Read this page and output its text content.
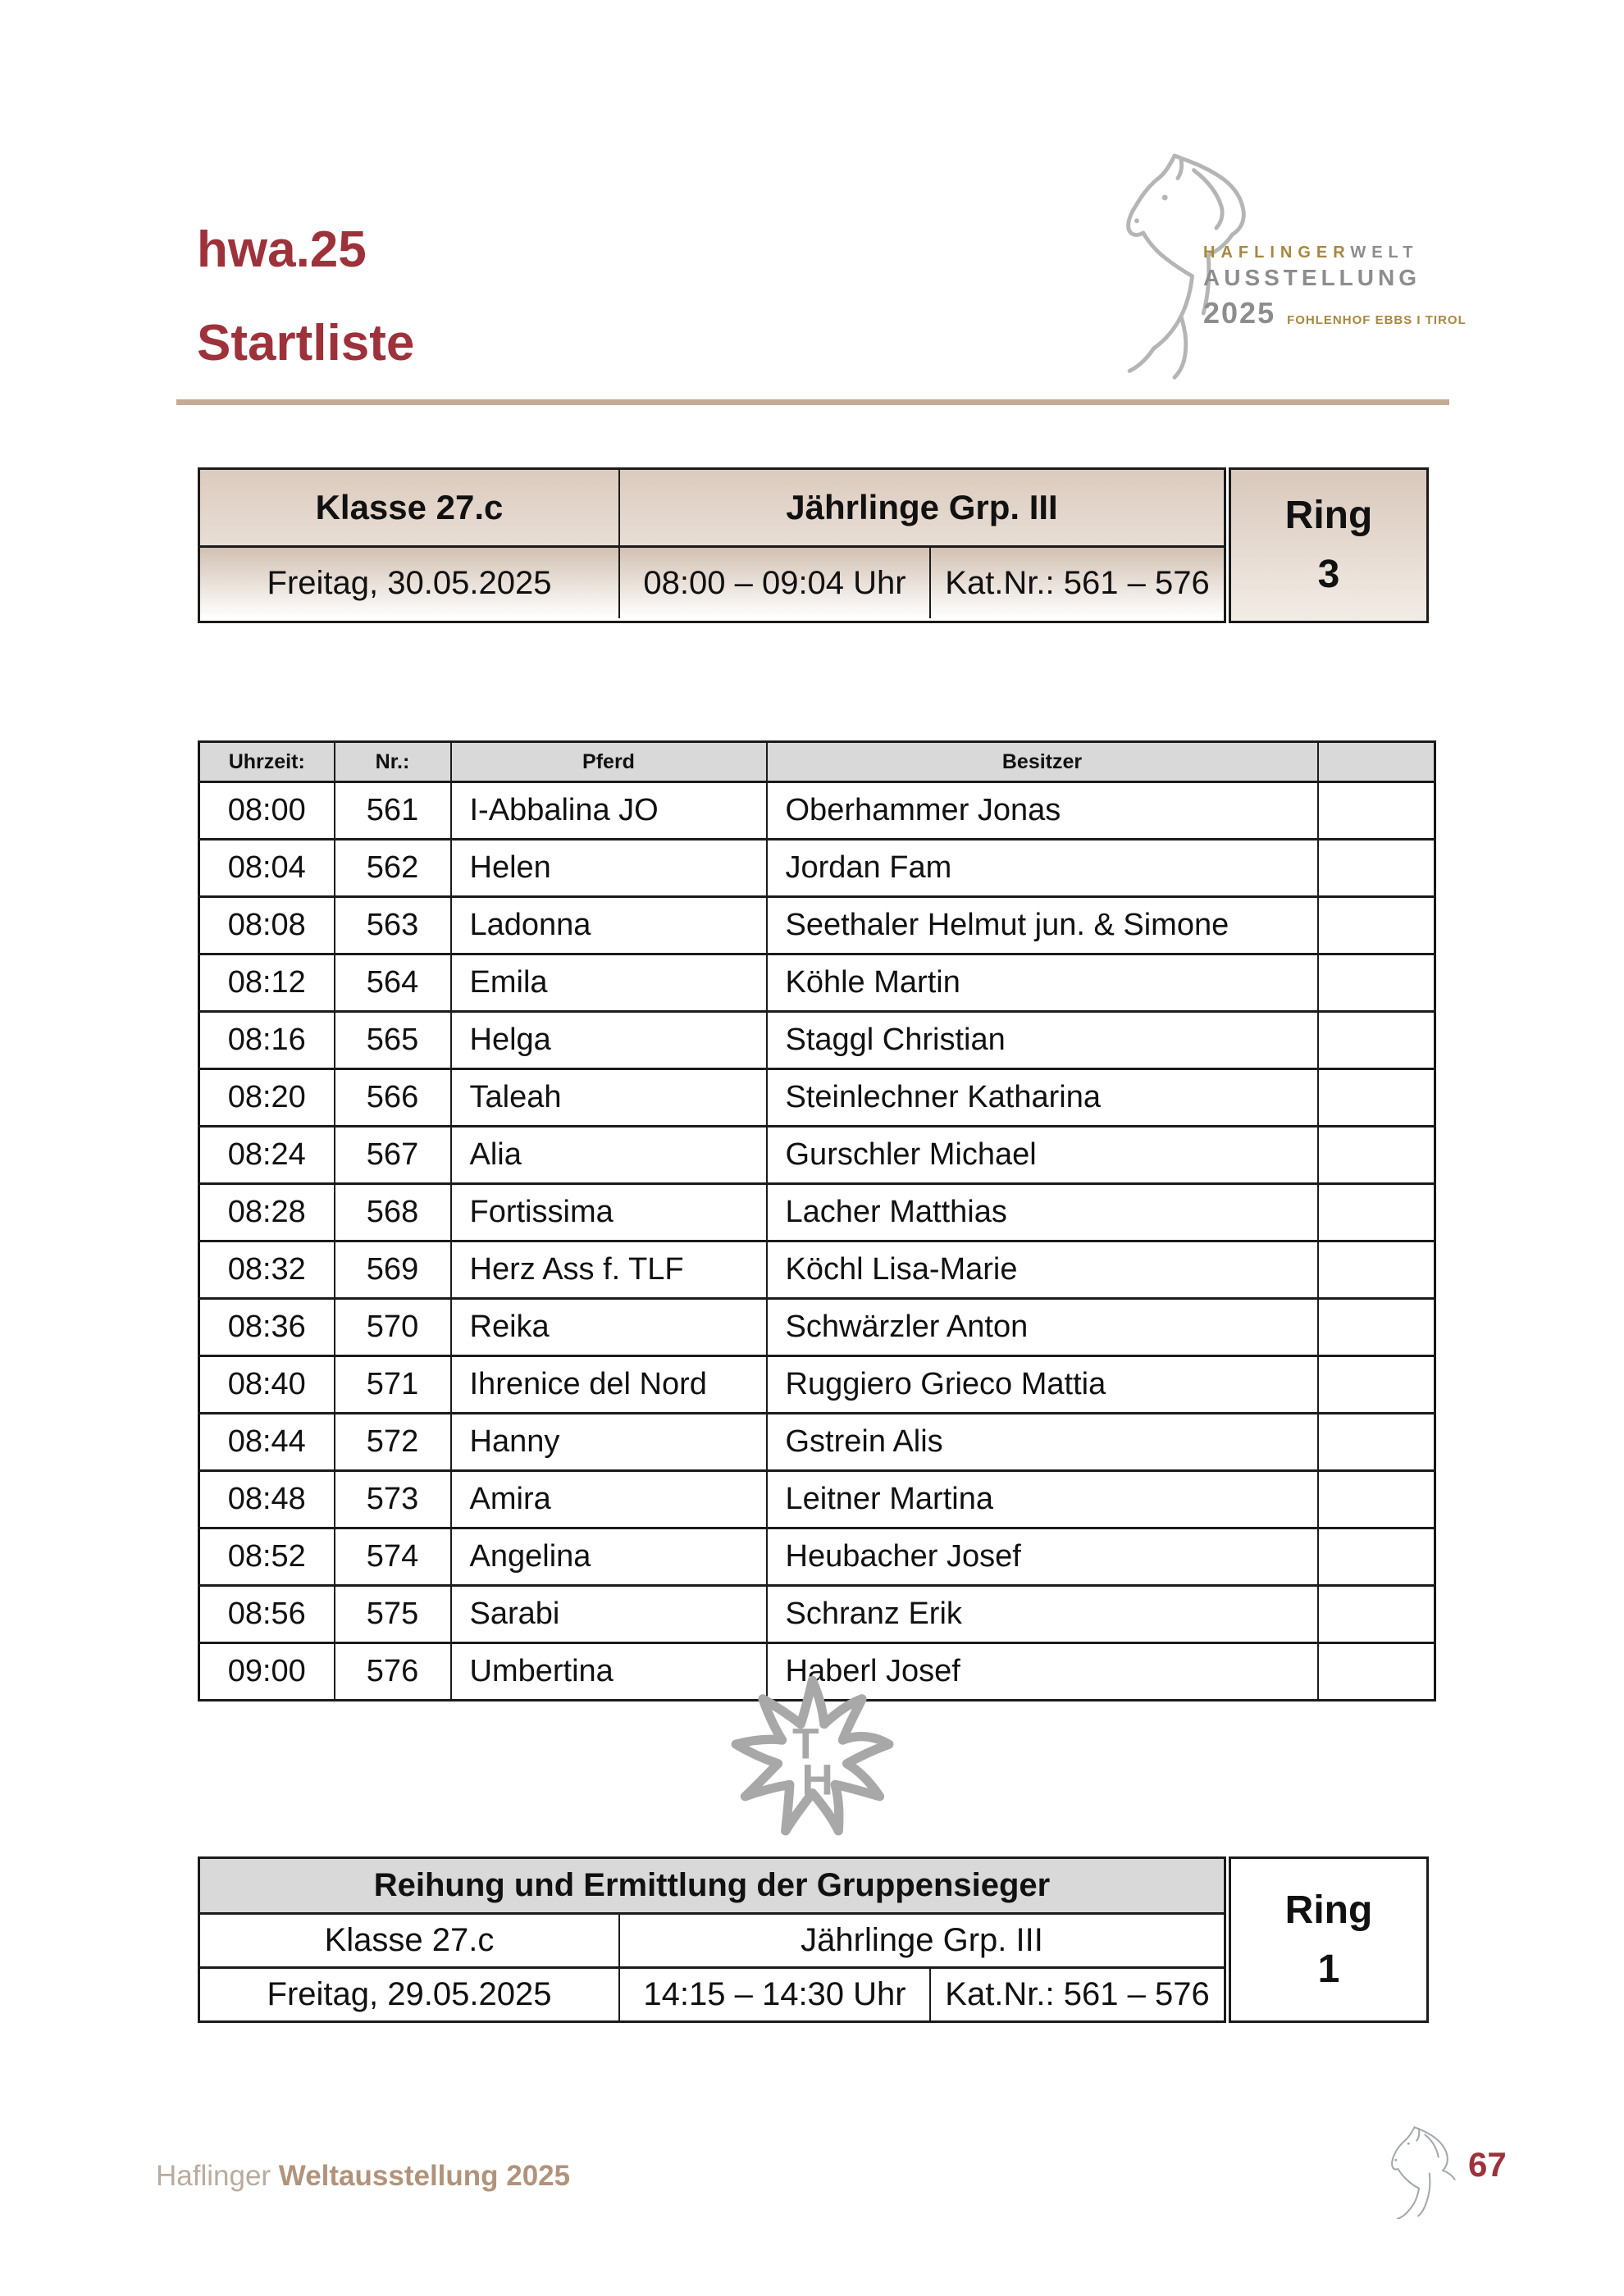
hwa.25
Startliste
HAFLINGERWELT
AUSSTELLUNG
2025 FOHLENHOF EBBS I TIROL
Klasse 27.c	Jährlinge Grp. III
Freitag, 30.05.2025	08:00 – 09:04 Uhr	Kat.Nr.: 561 – 576
Ring
3
Uhrzeit:	Nr.:	Pferd	Besitzer	
08:00	561	I-Abbalina JO	Oberhammer Jonas	
08:04	562	Helen	Jordan Fam	
08:08	563	Ladonna	Seethaler Helmut jun. & Simone	
08:12	564	Emila	Köhle Martin	
08:16	565	Helga	Staggl Christian	
08:20	566	Taleah	Steinlechner Katharina	
08:24	567	Alia	Gurschler Michael	
08:28	568	Fortissima	Lacher Matthias	
08:32	569	Herz Ass f. TLF	Köchl Lisa-Marie	
08:36	570	Reika	Schwärzler Anton	
08:40	571	Ihrenice del Nord	Ruggiero Grieco Mattia	
08:44	572	Hanny	Gstrein Alis	
08:48	573	Amira	Leitner Martina	
08:52	574	Angelina	Heubacher Josef	
08:56	575	Sarabi	Schranz Erik	
09:00	576	Umbertina	Haberl Josef	
T
H
Reihung und Ermittlung der Gruppensieger
Klasse 27.c	Jährlinge Grp. III
Freitag, 29.05.2025	14:15 – 14:30 Uhr	Kat.Nr.: 561 – 576
Ring
1
Haflinger Weltausstellung 2025	67
